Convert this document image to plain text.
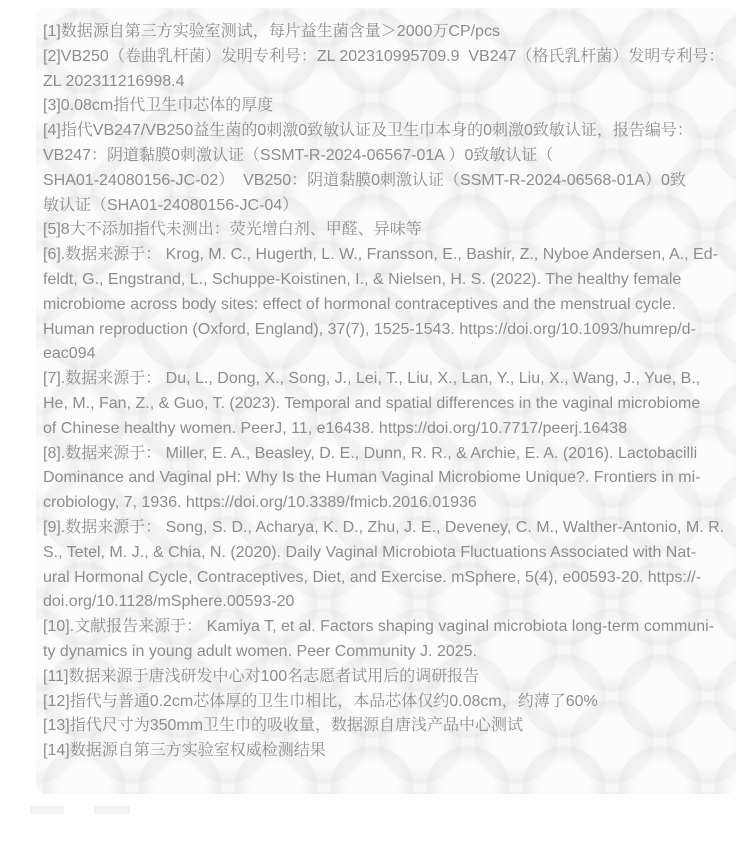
[1]数据源自第三方实验室测试，每片益生菌含量＞2000万CP/pcs
[2]VB250（卷曲乳杆菌）发明专利号：ZL 202310995709.9  VB247（格氏乳杆菌）发明专利号：
ZL 202311216998.4
[3]0.08cm指代卫生巾芯体的厚度
[4]指代VB247/VB250益生菌的0刺激0致敏认证及卫生巾本身的0刺激0致敏认证，报告编号：
VB247：阴道黏膜0刺激认证（SSMT-R-2024-06567-01A ）0致敏认证（
SHA01-24080156-JC-02）  VB250：阴道黏膜0刺激认证（SSMT-R-2024-06568-01A）0致
敏认证（SHA01-24080156-JC-04）
[5]8大不添加指代未测出：荧光增白剂、甲醛、异味等
[6].数据来源于： Krog, M. C., Hugerth, L. W., Fransson, E., Bashir, Z., Nyboe Andersen, A., Ed-
feldt, G., Engstrand, L., Schuppe-Koistinen, I., & Nielsen, H. S. (2022). The healthy female
microbiome across body sites: effect of hormonal contraceptives and the menstrual cycle.
Human reproduction (Oxford, England), 37(7), 1525-1543. https://doi.org/10.1093/humrep/d-
eac094
[7].数据来源于： Du, L., Dong, X., Song, J., Lei, T., Liu, X., Lan, Y., Liu, X., Wang, J., Yue, B.,
He, M., Fan, Z., & Guo, T. (2023). Temporal and spatial differences in the vaginal microbiome
of Chinese healthy women. PeerJ, 11, e16438. https://doi.org/10.7717/peerj.16438
[8].数据来源于： Miller, E. A., Beasley, D. E., Dunn, R. R., & Archie, E. A. (2016). Lactobacilli
Dominance and Vaginal pH: Why Is the Human Vaginal Microbiome Unique?. Frontiers in mi-
crobiology, 7, 1936. https://doi.org/10.3389/fmicb.2016.01936
[9].数据来源于： Song, S. D., Acharya, K. D., Zhu, J. E., Deveney, C. M., Walther-Antonio, M. R.
S., Tetel, M. J., & Chia, N. (2020). Daily Vaginal Microbiota Fluctuations Associated with Nat-
ural Hormonal Cycle, Contraceptives, Diet, and Exercise. mSphere, 5(4), e00593-20. https://-
doi.org/10.1128/mSphere.00593-20
[10].文献报告来源于： Kamiya T, et al. Factors shaping vaginal microbiota long-term communi-
ty dynamics in young adult women. Peer Community J. 2025.
[11]数据来源于唐浅研发中心对100名志愿者试用后的调研报告
[12]指代与普通0.2cm芯体厚的卫生巾相比，本品芯体仅约0.08cm，约薄了60%
[13]指代尺寸为350mm卫生巾的吸收量，数据源自唐浅产品中心测试
[14]数据源自第三方实验室权威检测结果
